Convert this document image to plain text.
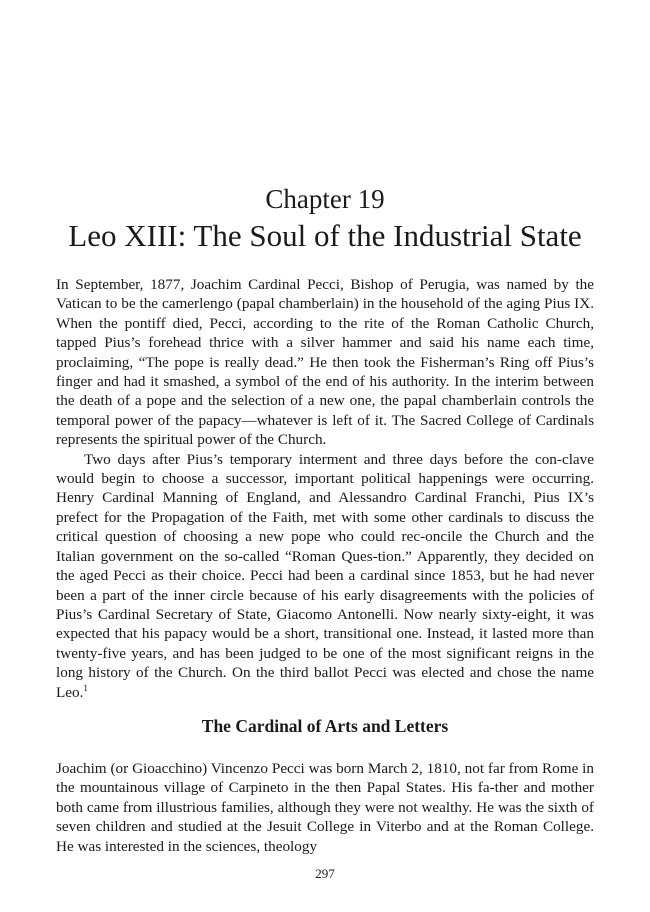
Chapter 19
Leo XIII: The Soul of the Industrial State

In September, 1877, Joachim Cardinal Pecci, Bishop of Perugia, was named by the Vatican to be the camerlengo (papal chamberlain) in the household of the aging Pius IX. When the pontiff died, Pecci, according to the rite of the Roman Catholic Church, tapped Pius’s forehead thrice with a silver hammer and said his name each time, proclaiming, “The pope is really dead.” He then took the Fisherman’s Ring off Pius’s finger and had it smashed, a symbol of the end of his authority. In the interim between the death of a pope and the selection of a new one, the papal chamberlain controls the temporal power of the papacy—whatever is left of it. The Sacred College of Cardinals represents the spiritual power of the Church.

Two days after Pius’s temporary interment and three days before the con-clave would begin to choose a successor, important political happenings were occurring. Henry Cardinal Manning of England, and Alessandro Cardinal Franchi, Pius IX’s prefect for the Propagation of the Faith, met with some other cardinals to discuss the critical question of choosing a new pope who could rec-oncile the Church and the Italian government on the so-called “Roman Ques-tion.” Apparently, they decided on the aged Pecci as their choice. Pecci had been a cardinal since 1853, but he had never been a part of the inner circle because of his early disagreements with the policies of Pius’s Cardinal Secretary of State, Giacomo Antonelli. Now nearly sixty-eight, it was expected that his papacy would be a short, transitional one. Instead, it lasted more than twenty-five years, and has been judged to be one of the most significant reigns in the long history of the Church. On the third ballot Pecci was elected and chose the name Leo.$^1$

The Cardinal of Arts and Letters

Joachim (or Gioacchino) Vincenzo Pecci was born March 2, 1810, not far from Rome in the mountainous village of Carpineto in the then Papal States. His fa-ther and mother both came from illustrious families, although they were not wealthy. He was the sixth of seven children and studied at the Jesuit College in Viterbo and at the Roman College. He was interested in the sciences, theology

297
